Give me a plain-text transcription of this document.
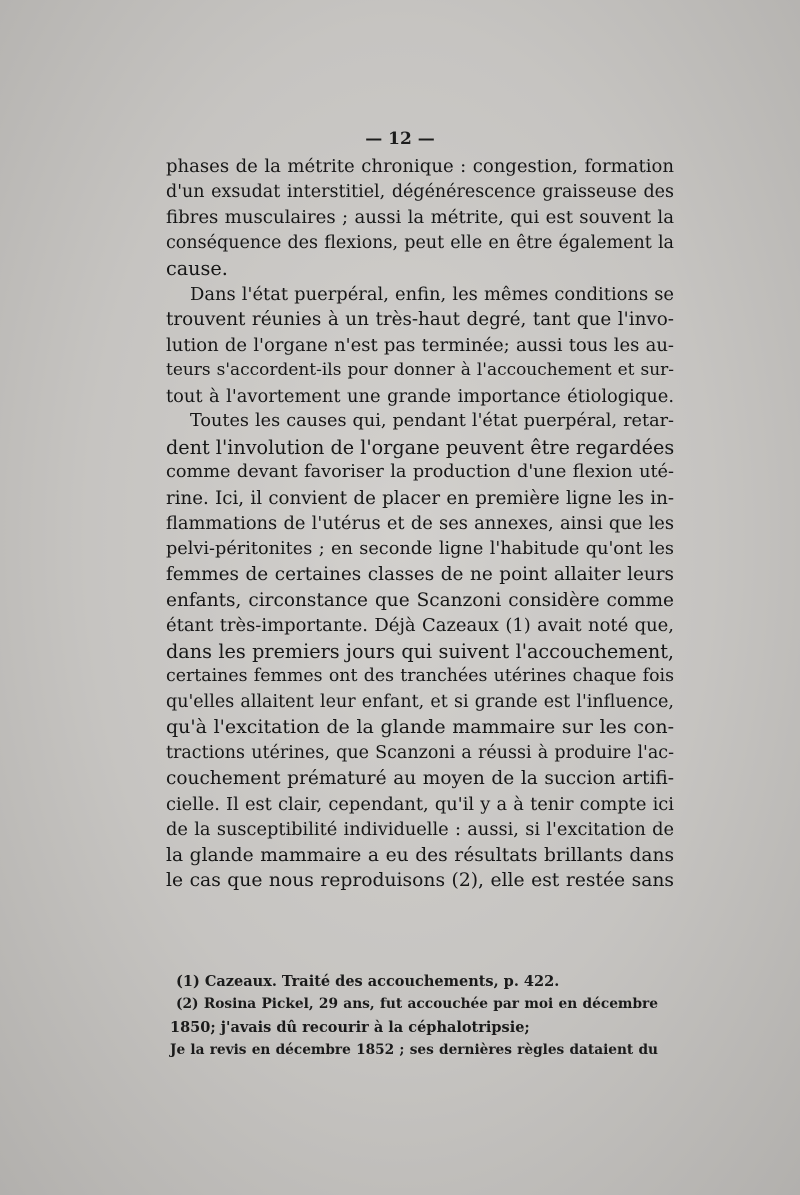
— 12 —
phases de la métrite chronique : congestion, formation
d'un exsudat interstitiel, dégénérescence graisseuse des
fibres musculaires ; aussi la métrite, qui est souvent la
conséquence des flexions, peut elle en être également la
cause.
Dans l'état puerpéral, enfin, les mêmes conditions se
trouvent réunies à un très-haut degré, tant que l'invo-
lution de l'organe n'est pas terminée; aussi tous les au-
teurs s'accordent-ils pour donner à l'accouchement et sur-
tout à l'avortement une grande importance étiologique.
Toutes les causes qui, pendant l'état puerpéral, retar-
dent l'involution de l'organe peuvent être regardées
comme devant favoriser la production d'une flexion uté-
rine. Ici, il convient de placer en première ligne les in-
flammations de l'utérus et de ses annexes, ainsi que les
pelvi-péritonites ; en seconde ligne l'habitude qu'ont les
femmes de certaines classes de ne point allaiter leurs
enfants, circonstance que Scanzoni considère comme
étant très-importante. Déjà Cazeaux (1) avait noté que,
dans les premiers jours qui suivent l'accouchement,
certaines femmes ont des tranchées utérines chaque fois
qu'elles allaitent leur enfant, et si grande est l'influence,
qu'à l'excitation de la glande mammaire sur les con-
tractions utérines, que Scanzoni a réussi à produire l'ac-
couchement prématuré au moyen de la succion artifi-
cielle. Il est clair, cependant, qu'il y a à tenir compte ici
de la susceptibilité individuelle : aussi, si l'excitation de
la glande mammaire a eu des résultats brillants dans
le cas que nous reproduisons (2), elle est restée sans
(1) Cazeaux. Traité des accouchements, p. 422.
(2) Rosina Pickel, 29 ans, fut accouchée par moi en décembre
1850; j'avais dû recourir à la céphalotripsie;
Je la revis en décembre 1852 ; ses dernières règles dataient du
